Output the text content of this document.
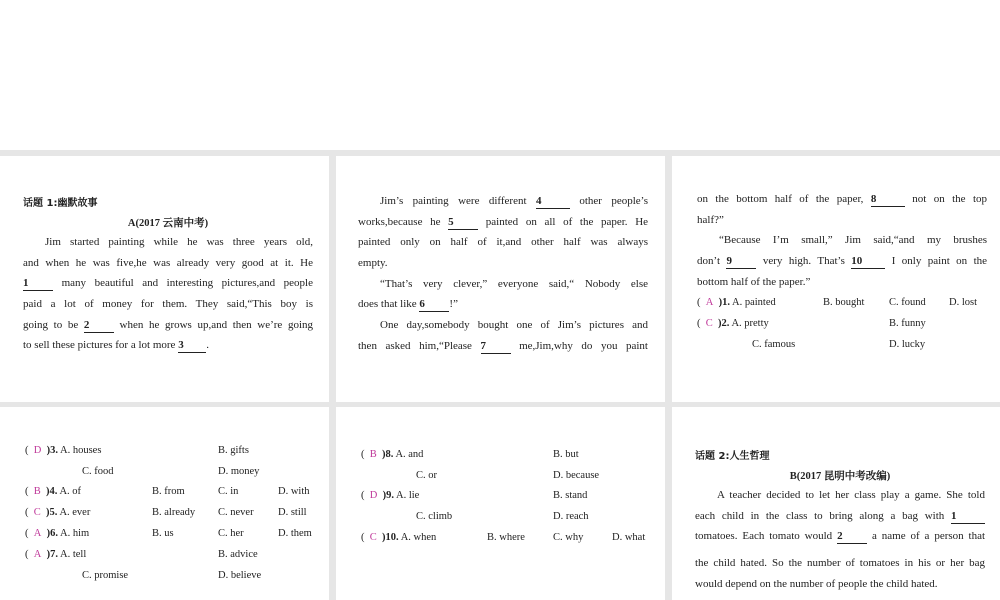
话题 1:幽默故事
A(2017 云南中考)
Jim started painting while he was three years old,
and when he was five,he was already very good at it. He
1	many beautiful and interesting pictures,and people
paid a lot of money for them. They said,“This boy is
going to be 2	when he grows up,and then we’re going
to sell these pictures for a lot more 3 .
Jim’s painting were different 4	other people’s
works,because he 5	painted on all of the paper. He
painted only on half of it,and other half was always
empty.
“That’s very clever,” everyone said,“ Nobody else
does that like 6 !”
One day,somebody bought one of Jim’s pictures and
then asked him,“Please 7	me,Jim,why do you paint
on the bottom half of the paper, 8	not on the top
half?”
“Because I’m small,” Jim said,“and my brushes
don’t 9	very high. That’s 10	I only paint on the
bottom half of the paper.”
( A )1. A. painted	B. bought C. found D. lost
( C )2. A. pretty	B. funny
C. famous	D. lucky
( D )3. A. houses	B. gifts
C. food	D. money
( B )4. A. of	B. from	C. in	D. with
( C )5. A. ever	B. already C. never D. still
( A )6. A. him	B. us	C. her	D. them
( A )7. A. tell	B. advice
C. promise	D. believe
( B )8. A. and	B. but
C. or	D. because
( D )9. A. lie	B. stand
C. climb	D. reach
( C )10. A. when	B. where	C. why	D. what
话题 2:人生哲理
B(2017 昆明中考改编)
A teacher decided to let her class play a game. She told
each child in the class to bring along a bag with 1
tomatoes. Each tomato would 2	a name of a person that
the child hated. So the number of tomatoes in his or her bag
would depend on the number of people the child hated.
